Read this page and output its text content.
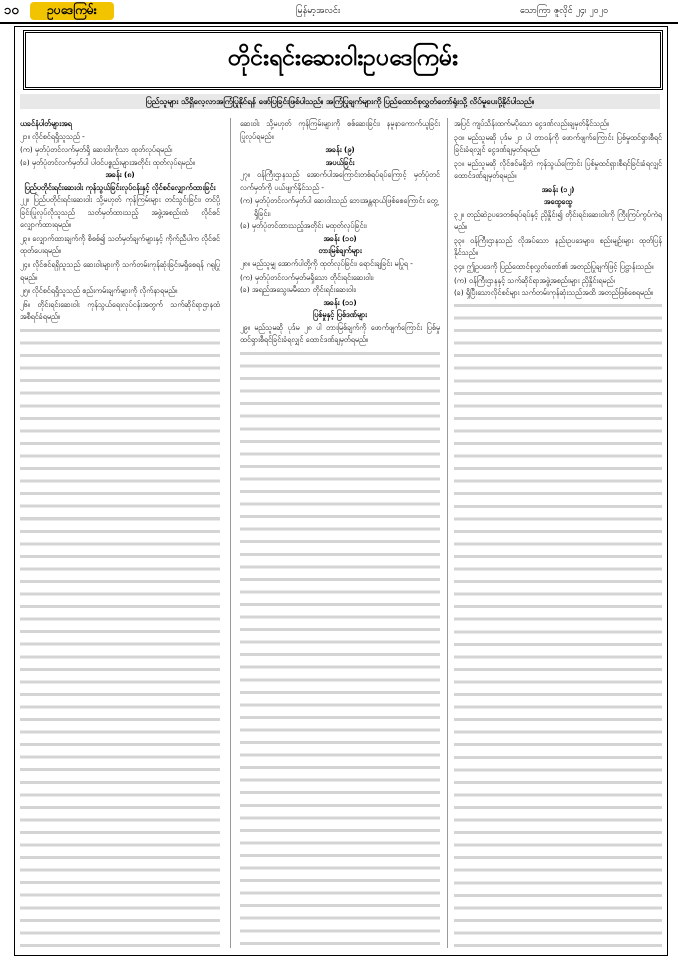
၁၀	ဥပဒေကြမ်း	မြန်မာ့အလင်း	သောကြာ ဇူလိုင် ၂၄၊ ၂၀၂၀
တိုင်းရင်းဆေးဝါးဥပဒေကြမ်း
ပြည်သူများ သိရှိလေ့လာအကြံပြုနိုင်ရန် ဖော်ပြခြင်းဖြစ်ပါသည်။ အကြံပြုချက်များကို ပြည်ထောင်စုလွှတ်တော်ရုံးသို့ လိပ်မူပေးပို့နိုင်ပါသည်။

ယခင်နံပါတ်များအရ

၂၁။ လိုင်စင်ရရှိသူသည် -

(က) မှတ်ပုံတင်လက်မှတ်ရှိ ဆေးဝါးကိုသာ ထုတ်လုပ်ရမည်၊

(ခ) မှတ်ပုံတင်လက်မှတ်ပါ ပါဝင်ပစ္စည်းများအတိုင်း ထုတ်လုပ်ရမည်။

အခန်း (၈)

ပြည်ပတိုင်းရင်းဆေးဝါး ကုန်သွယ်ခြင်းလုပ်ငန်းနှင့် လိုင်စင်လျှောက်ထားခြင်း

၂၂။ ပြည်ပတိုင်းရင်းဆေးဝါး သို့မဟုတ် ကုန်ကြမ်းများ တင်သွင်းခြင်း၊ တင်ပို့ခြင်းပြုလုပ်လိုသူသည် သတ်မှတ်ထားသည့် အဖွဲ့အစည်းထံ လိုင်စင်လျှောက်ထားရမည်။

၂၃။ လျှောက်ထားချက်ကို စိစစ်၍ သတ်မှတ်ချက်များနှင့် ကိုက်ညီပါက လိုင်စင်ထုတ်ပေးရမည်။

၂၄။ လိုင်စင်ရရှိသူသည် ဆေးဝါးများကို သက်တမ်းကုန်ဆုံးခြင်းမရှိစေရန် ဂရုပြုရမည်။

၂၅။ လိုင်စင်ရရှိသူသည် စည်းကမ်းချက်များကို လိုက်နာရမည်။

၂၆။ တိုင်းရင်းဆေးဝါး ကုန်သွယ်ရေးလုပ်ငန်းအတွက် သက်ဆိုင်ရာဌာနထံ အစီရင်ခံရမည်။

ဆေးဝါး သို့မဟုတ် ကုန်ကြမ်းများကို စစ်ဆေးခြင်း၊ နမူနာကောက်ယူခြင်း ပြုလုပ်ရမည်။

အခန်း (၉)

အပယ်ခြင်း

၂၇။ ဝန်ကြီးဌာနသည် အောက်ပါအကြောင်းတစ်ရပ်ရပ်ကြောင့် မှတ်ပုံတင်လက်မှတ်ကို ပယ်ဖျက်နိုင်သည် -

(က) မှတ်ပုံတင်လက်မှတ်ပါ ဆေးဝါးသည် ဘေးအန္တရာယ်ဖြစ်စေကြောင်း တွေ့ရှိခြင်း၊

(ခ) မှတ်ပုံတင်ထားသည့်အတိုင်း မထုတ်လုပ်ခြင်း၊

အခန်း (၁၀)

တားမြစ်ချက်များ

၂၈။ မည်သူမျှ အောက်ပါတို့ကို ထုတ်လုပ်ခြင်း၊ ရောင်းချခြင်း မပြုရ -

(က) မှတ်ပုံတင်လက်မှတ်မရှိသော တိုင်းရင်းဆေးဝါး၊

(ခ) အရည်အသွေးမမီသော တိုင်းရင်းဆေးဝါး၊

အခန်း (၁၁)

ပြစ်မှုနှင့် ပြစ်ဒဏ်များ

၂၉။ မည်သူမဆို ပုဒ်မ ၂၈ ပါ တားမြစ်ချက်ကို ဖောက်ဖျက်ကြောင်း ပြစ်မှုထင်ရှားစီရင်ခြင်းခံရလျှင် ထောင်ဒဏ်ချမှတ်ရမည်။

အပြင် ကျပ်သိန်းထက်မပိုသော ငွေဒဏ်လည်းချမှတ်နိုင်သည်။

၃၀။ မည်သူမဆို ပုဒ်မ ၂၁ ပါ တာဝန်ကို ဖောက်ဖျက်ကြောင်း ပြစ်မှုထင်ရှားစီရင်ခြင်းခံရလျှင် ငွေဒဏ်ချမှတ်ရမည်။

၃၁။ မည်သူမဆို လိုင်စင်မရှိဘဲ ကုန်သွယ်ကြောင်း ပြစ်မှုထင်ရှားစီရင်ခြင်းခံရလျှင် ထောင်ဒဏ်ချမှတ်ရမည်။

အခန်း (၁၂)

အထွေထွေ

၃၂။ တည်ဆဲဥပဒေတစ်ရပ်ရပ်နှင့် ညှိနှိုင်း၍ တိုင်းရင်းဆေးဝါးကို ကြီးကြပ်ကွပ်ကဲရမည်။

၃၃။ ဝန်ကြီးဌာနသည် လိုအပ်သော နည်းဥပဒေများ၊ စည်းမျဉ်းများ ထုတ်ပြန်နိုင်သည်။

၃၄။ ဤဥပဒေကို ပြည်ထောင်စုလွှတ်တော်၏ အတည်ပြုချက်ဖြင့် ပြဋ္ဌာန်းသည်။

(က) ဝန်ကြီးဌာနနှင့် သက်ဆိုင်ရာအဖွဲ့အစည်းများ ညှိနှိုင်းရမည်၊

(ခ) ရှိပြီးသောလိုင်စင်များ သက်တမ်းကုန်ဆုံးသည်အထိ အတည်ဖြစ်စေရမည်။
